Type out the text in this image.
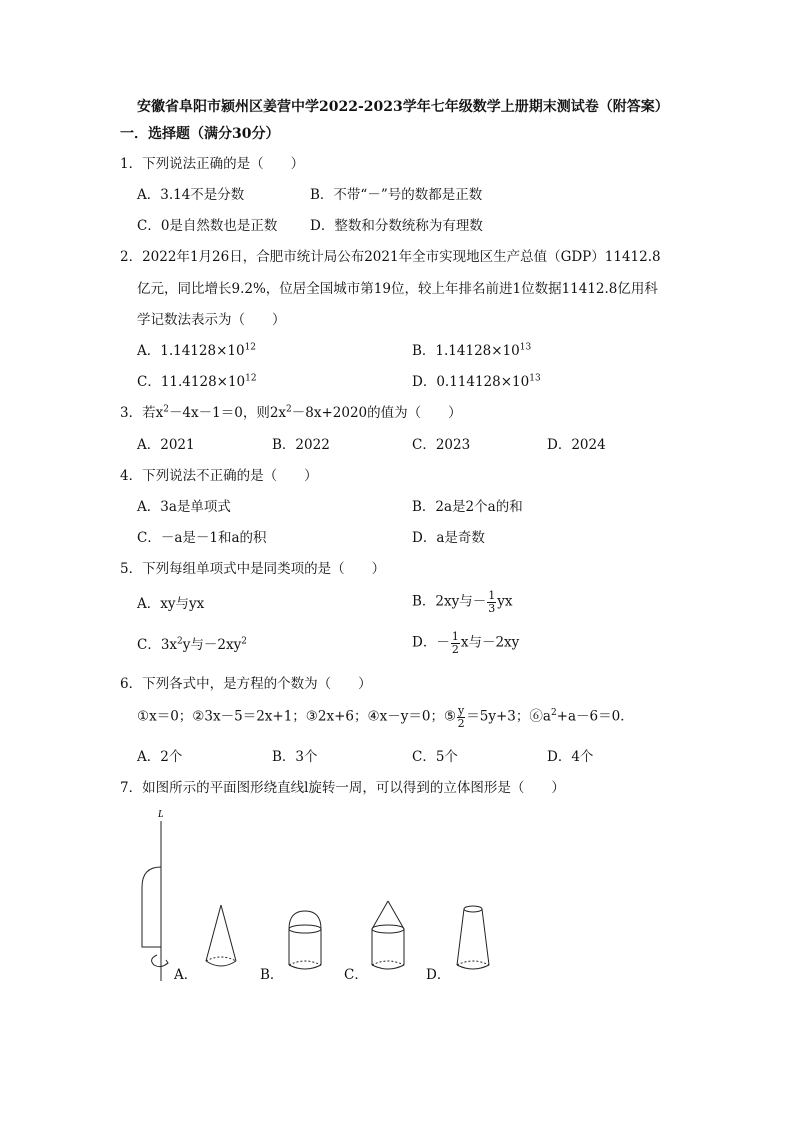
安徽省阜阳市颍州区姜营中学2022-2023学年七年级数学上册期末测试卷（附答案）
一．选择题（满分30分）
1．下列说法正确的是（　　）
A．3.14不是分数	B．不带“－”号的数都是正数
C．0是自然数也是正数 D．整数和分数统称为有理数
2．2022年1月26日，合肥市统计局公布2021年全市实现地区生产总值（GDP）11412.8
亿元，同比增长9.2%，位居全国城市第19位，较上年排名前进1位数据11412.8亿用科
学记数法表示为（　　）
A．$1.14128\times 10^{12}$	B．$1.14128\times 10^{13}$
C．$11.4128\times 10^{12}$	D．$0.114128\times 10^{13}$
3．若$x^2-4x-1=0$，则$2x^2-8x+2020$的值为（　　）
A．2021	B．2022	C．2023	D．2024
4．下列说法不正确的是（　　）
A．3a是单项式	B．2a是2个a的和
C．－a是－1和a的积	D．a是奇数
5．下列每组单项式中是同类项的是（　　）
A．xy与yx	B．2xy与－ $\frac{1}{3}$ yx
C．$3x^2y$与$-2xy^2$	D．－ $\frac{1}{2}$ x与－2xy
6．下列各式中，是方程的个数为（　　）
①x＝0；②3x－5＝2x+1；③2x+6；④x－y＝0；⑤ $\frac{y}{2} =5y+3$；$⑥a^2+a-6=0$．
A．2个	B．3个	C．5个	D．4个
7．如图所示的平面图形绕直线l旋转一周，可以得到的立体图形是（　　）
L
A．	B．	C．	D．
